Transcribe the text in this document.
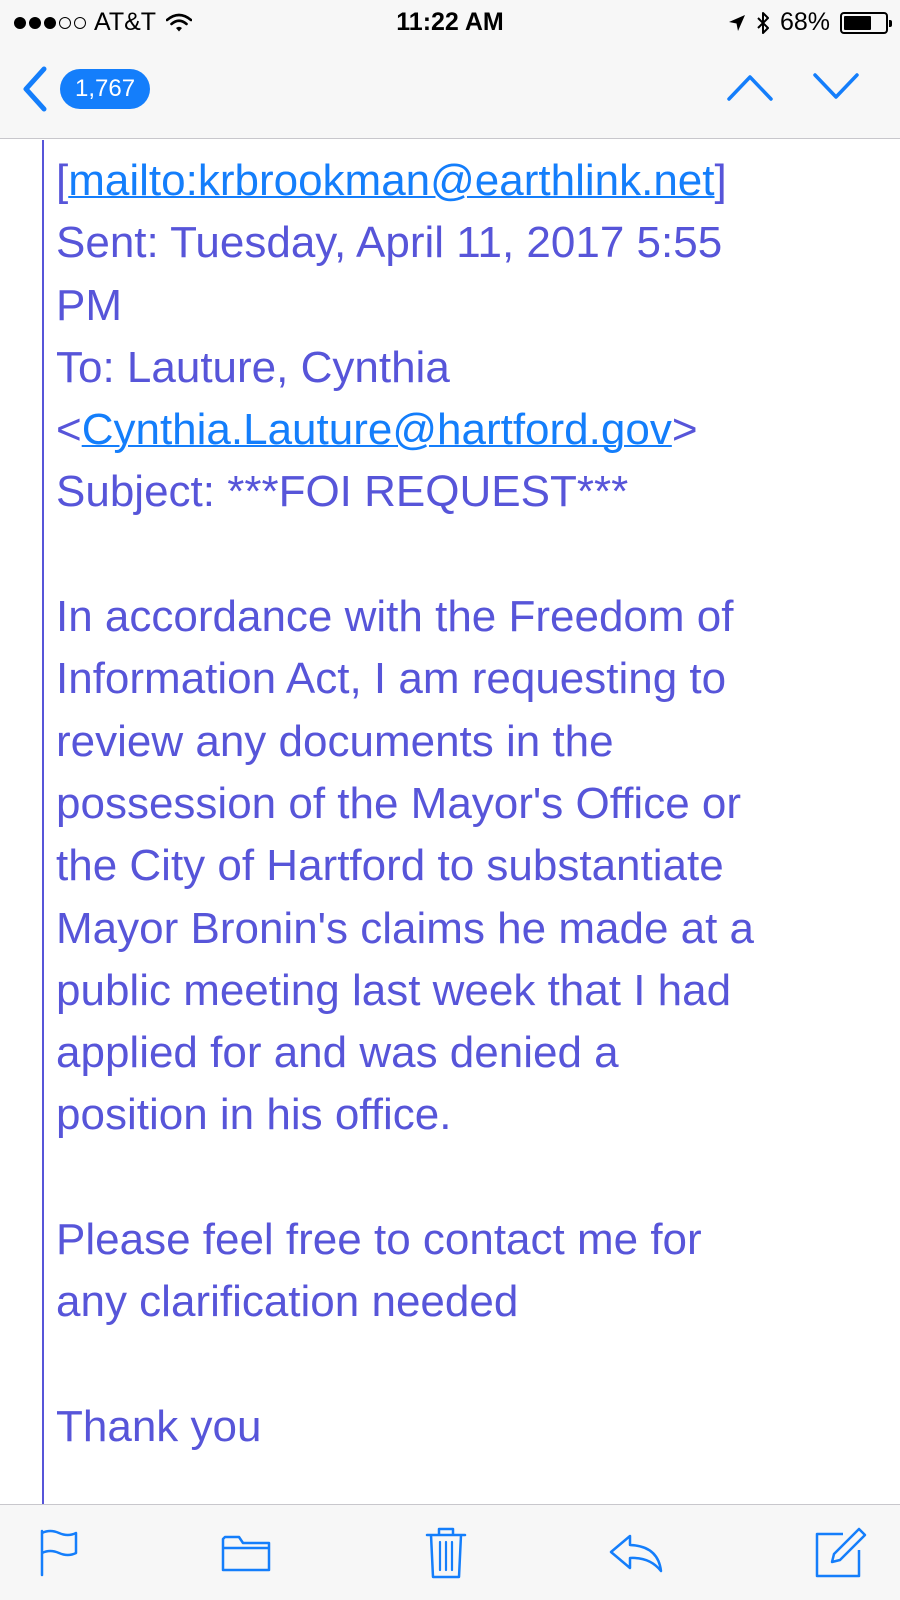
AT&T	11:22 AM	68%
1,767

[mailto:krbrookman@earthlink.net]

Sent: Tuesday, April 11, 2017 5:55

PM

To: Lauture, Cynthia

<Cynthia.Lauture@hartford.gov>

Subject: ***FOI REQUEST***

In accordance with the Freedom of

Information Act, I am requesting to

review any documents in the

possession of the Mayor's Office or

the City of Hartford to substantiate

Mayor Bronin's claims he made at a

public meeting last week that I had

applied for and was denied a

position in his office.

Please feel free to contact me for

any clarification needed

Thank you
